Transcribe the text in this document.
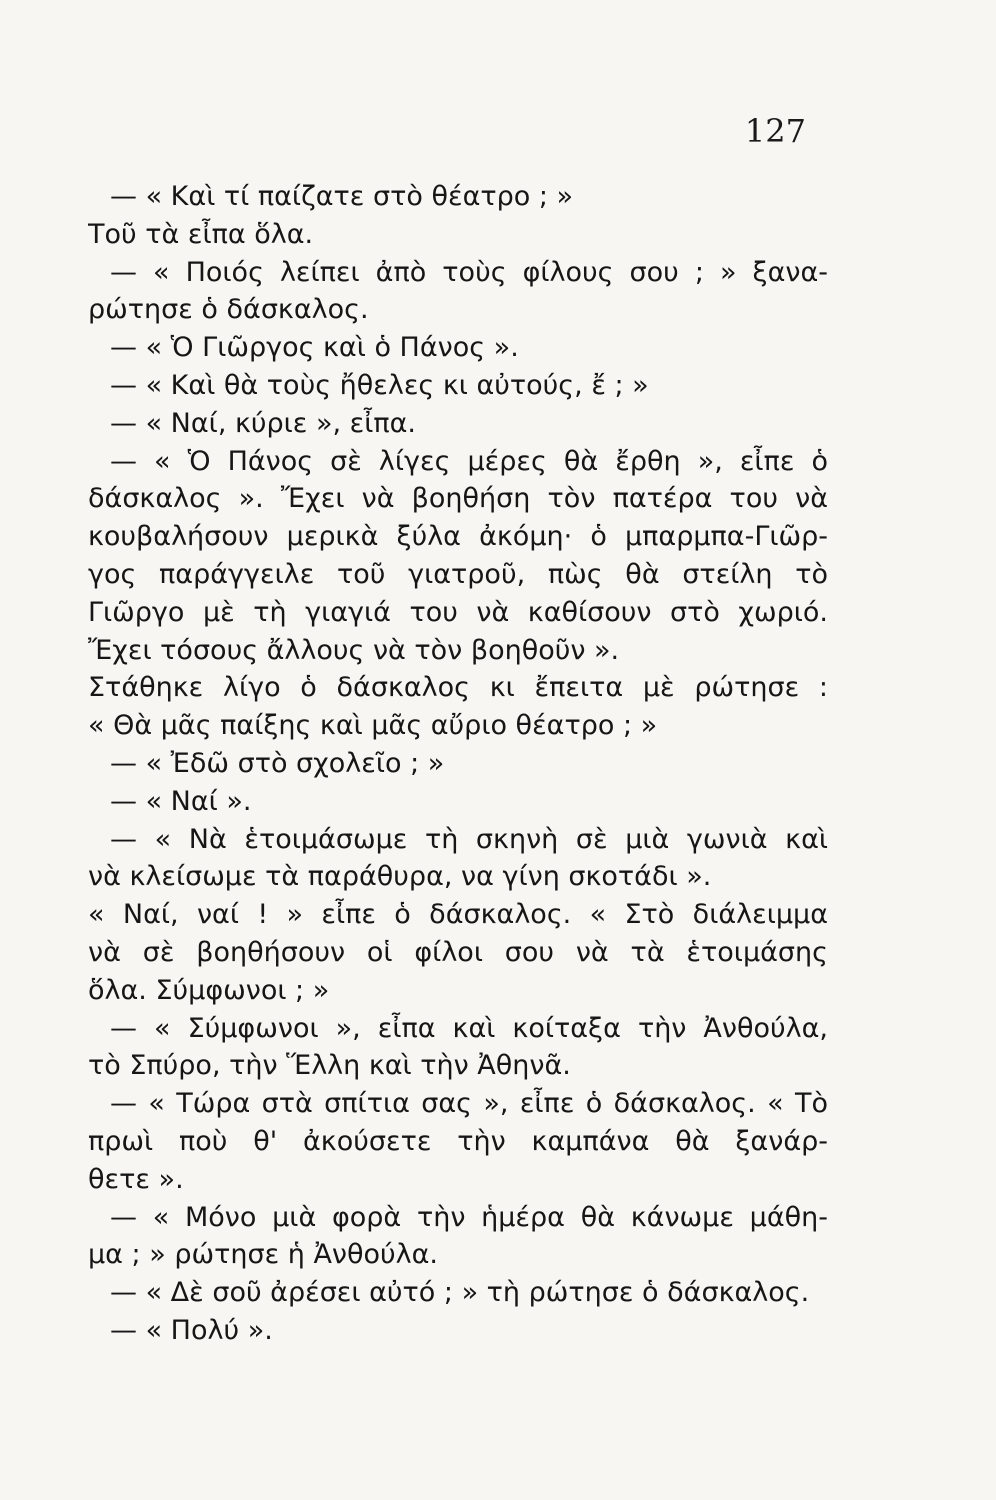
127
— « Καὶ τί παίζατε στὸ θέατρο ; »
Τοῦ τὰ εἶπα ὅλα.
— « Ποιός λείπει ἀπὸ τοὺς φίλους σου ; » ξανα-
ρώτησε ὁ δάσκαλος.
— « Ὁ Γιῶργος καὶ ὁ Πάνος ».
— « Καὶ θὰ τοὺς ἤθελες κι αὐτούς, ἔ ; »
— « Ναί, κύριε », εἶπα.
— « Ὁ Πάνος σὲ λίγες μέρες θὰ ἔρθη », εἶπε ὁ
δάσκαλος ». Ἔχει νὰ βοηθήση τὸν πατέρα του νὰ
κουβαλήσουν μερικὰ ξύλα ἀκόμη· ὁ μπαρμπα-Γιῶρ-
γος παράγγειλε τοῦ γιατροῦ, πὼς θὰ στείλη τὸ
Γιῶργο μὲ τὴ γιαγιά του νὰ καθίσουν στὸ χωριό.
Ἔχει τόσους ἄλλους νὰ τὸν βοηθοῦν ».
Στάθηκε λίγο ὁ δάσκαλος κι ἔπειτα μὲ ρώτησε :
« Θὰ μᾶς παίξης καὶ μᾶς αὔριο θέατρο ; »
— « Ἐδῶ στὸ σχολεῖο ; »
— « Ναί ».
— « Νὰ ἑτοιμάσωμε τὴ σκηνὴ σὲ μιὰ γωνιὰ καὶ
νὰ κλείσωμε τὰ παράθυρα, να γίνη σκοτάδι ».
« Ναί, ναί ! » εἶπε ὁ δάσκαλος. « Στὸ διάλειμμα
νὰ σὲ βοηθήσουν οἱ φίλοι σου νὰ τὰ ἑτοιμάσης
ὅλα. Σύμφωνοι ; »
— « Σύμφωνοι », εἶπα καὶ κοίταξα τὴν Ἀνθούλα,
τὸ Σπύρο, τὴν Ἕλλη καὶ τὴν Ἀθηνᾶ.
— « Τώρα στὰ σπίτια σας », εἶπε ὁ δάσκαλος. « Τὸ
πρωὶ ποὺ θ' ἀκούσετε τὴν καμπάνα θὰ ξανάρ-
θετε ».
— « Μόνο μιὰ φορὰ τὴν ἡμέρα θὰ κάνωμε μάθη-
μα ; » ρώτησε ἡ Ἀνθούλα.
— « Δὲ σοῦ ἀρέσει αὐτό ; » τὴ ρώτησε ὁ δάσκαλος.
— « Πολύ ».
